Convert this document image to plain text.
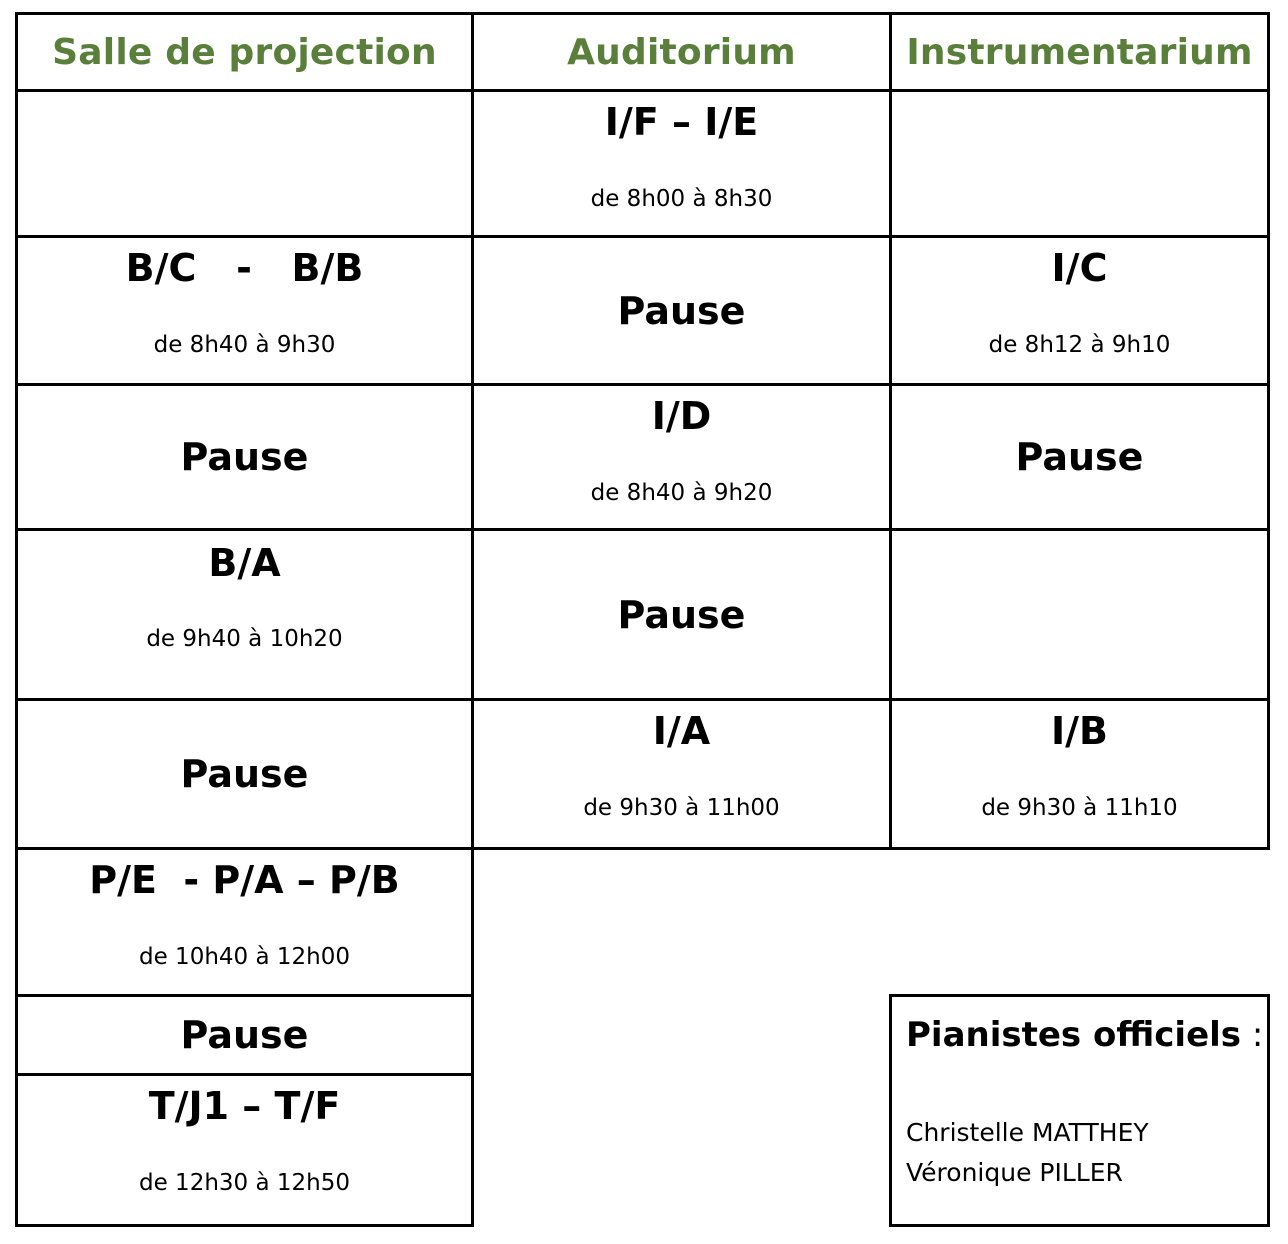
Salle de projection	Auditorium	Instrumentarium
I/F – I/E
de 8h00 à 8h30
B/C   -   B/B
de 8h40 à 9h30
Pause
I/C
de 8h12 à 9h10
Pause
I/D
de 8h40 à 9h20
Pause
B/A
de 9h40 à 10h20
Pause
Pause
I/A
de 9h30 à 11h00
I/B
de 9h30 à 11h10
P/E  - P/A – P/B
de 10h40 à 12h00
Pause
T/J1 – T/F
de 12h30 à 12h50
Pianistes officiels :
Christelle MATTHEY
Véronique PILLER
